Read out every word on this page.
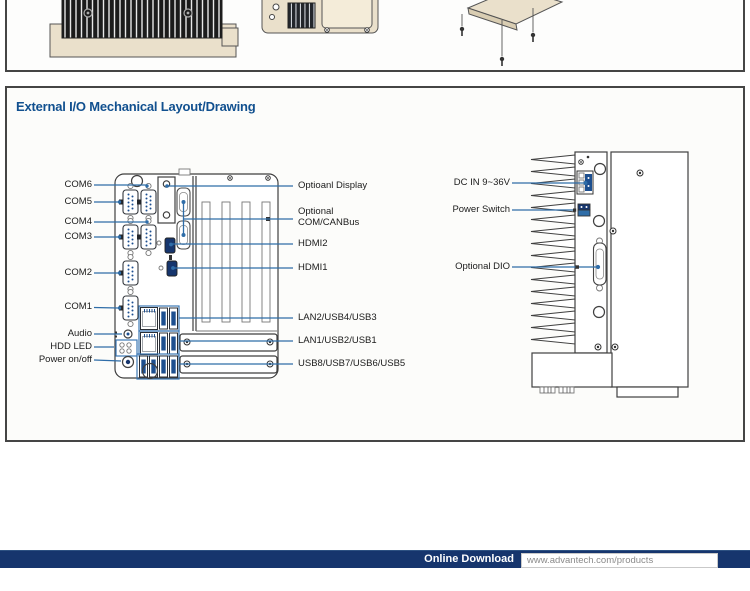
External I/O Mechanical Layout/Drawing
COM6
COM5
COM4
COM3
COM2
COM1
Audio
HDD LED
Power on/off
Optioanl Display
Optional COM/CANBus
HDMI2
HDMI1
LAN2/USB4/USB3
LAN1/USB2/USB1
USB8/USB7/USB6/USB5
DC IN 9~36V
Power Switch
Optional DIO
Online Download	www.advantech.com/products
